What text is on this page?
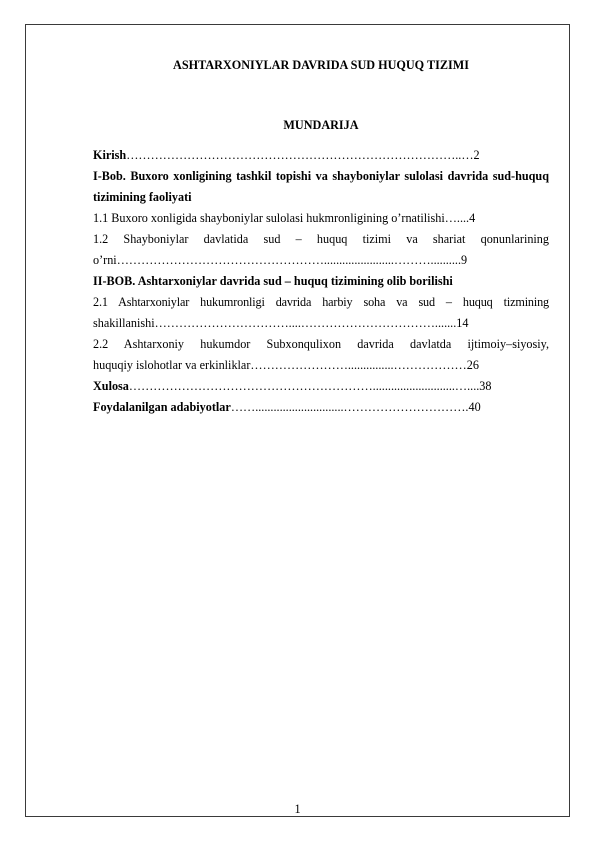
ASHTARXONIYLAR DAVRIDA SUD HUQUQ TIZIMI
MUNDARIJA

Kirish………………………………………………………………………..…2

I-Bob. Buxoro xonligining tashkil topishi va shayboniylar sulolasi davrida sud-huquq tizimining faoliyati

1.1 Buxoro xonligida shayboniylar sulolasi hukmronligining o’rnatilishi…....4

1.2 Shayboniylar davlatida sud – huquq tizimi va shariat qonunlarining

o’rni…………………………………………….......................………..........9

II-BOB. Ashtarxoniylar davrida sud – huquq tizimining olib borilishi

2.1 Ashtarxoniylar hukumronligi davrida harbiy soha va sud – huquq tizmining

shakillanishi……………………………....…………………………….......14

2.2 Ashtarxoniy hukumdor Subxonqulixon davrida davlatda ijtimoiy–siyosiy,

huquqiy islohotlar va erkinliklar……………………...............………………26

Xulosa……………………………………………………...........................…....38

Foydalanilgan adabiyotlar…….............................………………………….40

1
